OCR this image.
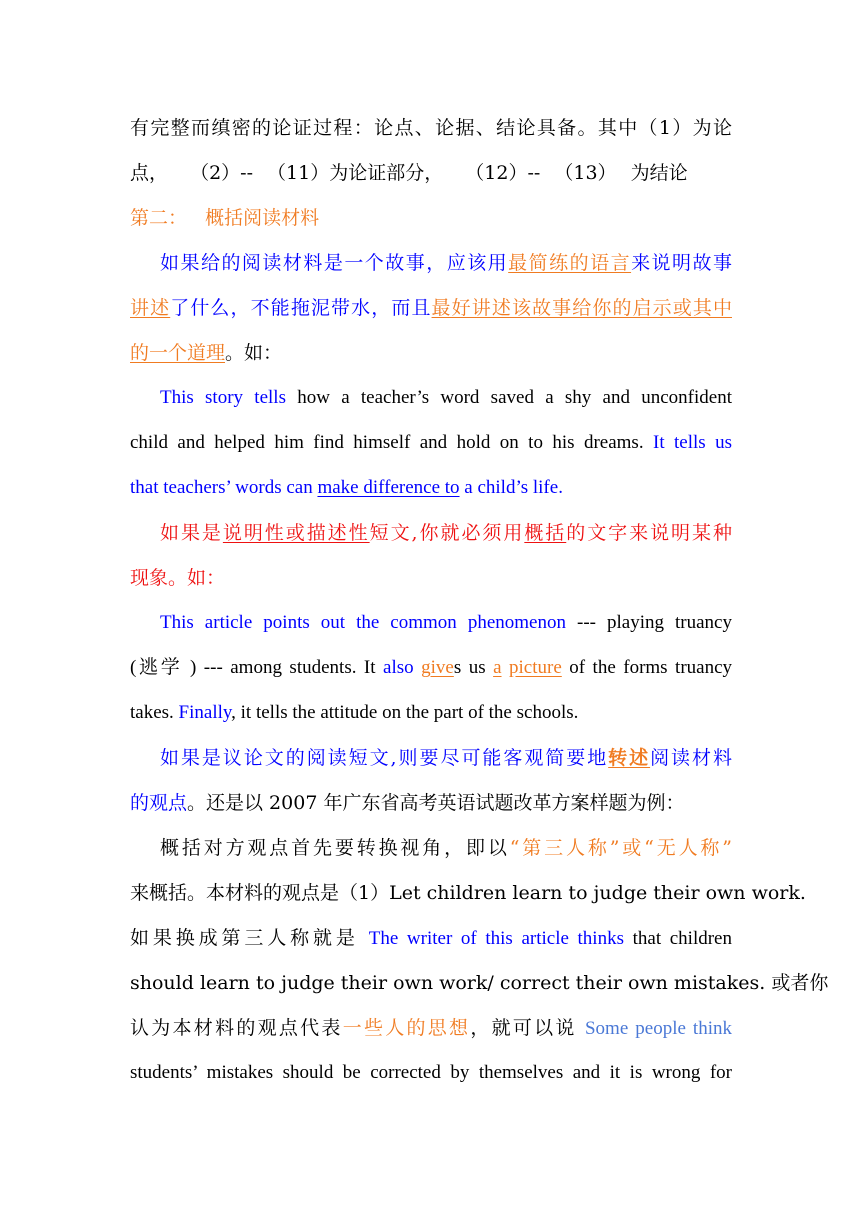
有完整而缜密的论证过程：论点、论据、结论具备。其中（1）为论
点， （2）-- （11）为论证部分， （12）-- （13） 为结论
第二： 概括阅读材料
如果给的阅读材料是一个故事，应该用最简练的语言来说明故事
讲述了什么，不能拖泥带水，而且最好讲述该故事给你的启示或其中
的一个道理。如：
This story tells how a teacher’s word saved a shy and unconfident
child and helped him find himself and hold on to his dreams. It tells us
that teachers’ words can make difference to a child’s life.
如果是说明性或描述性短文,你就必须用概括的文字来说明某种
现象。如：
This article points out the common phenomenon --- playing truancy
(逃学 ) --- among students. It also gives us a picture of the forms truancy
takes. Finally, it tells the attitude on the part of the schools.
如果是议论文的阅读短文,则要尽可能客观简要地转述阅读材料
的观点。还是以 2007 年广东省高考英语试题改革方案样题为例：
概括对方观点首先要转换视角，即以“第三人称”或“无人称”
来概括。本材料的观点是（1）Let children learn to judge their own work.
如果换成第三人称就是 The writer of this article thinks that children
should learn to judge their own work/ correct their own mistakes. 或者你
认为本材料的观点代表一些人的思想，就可以说 Some people think
students’ mistakes should be corrected by themselves and it is wrong for
